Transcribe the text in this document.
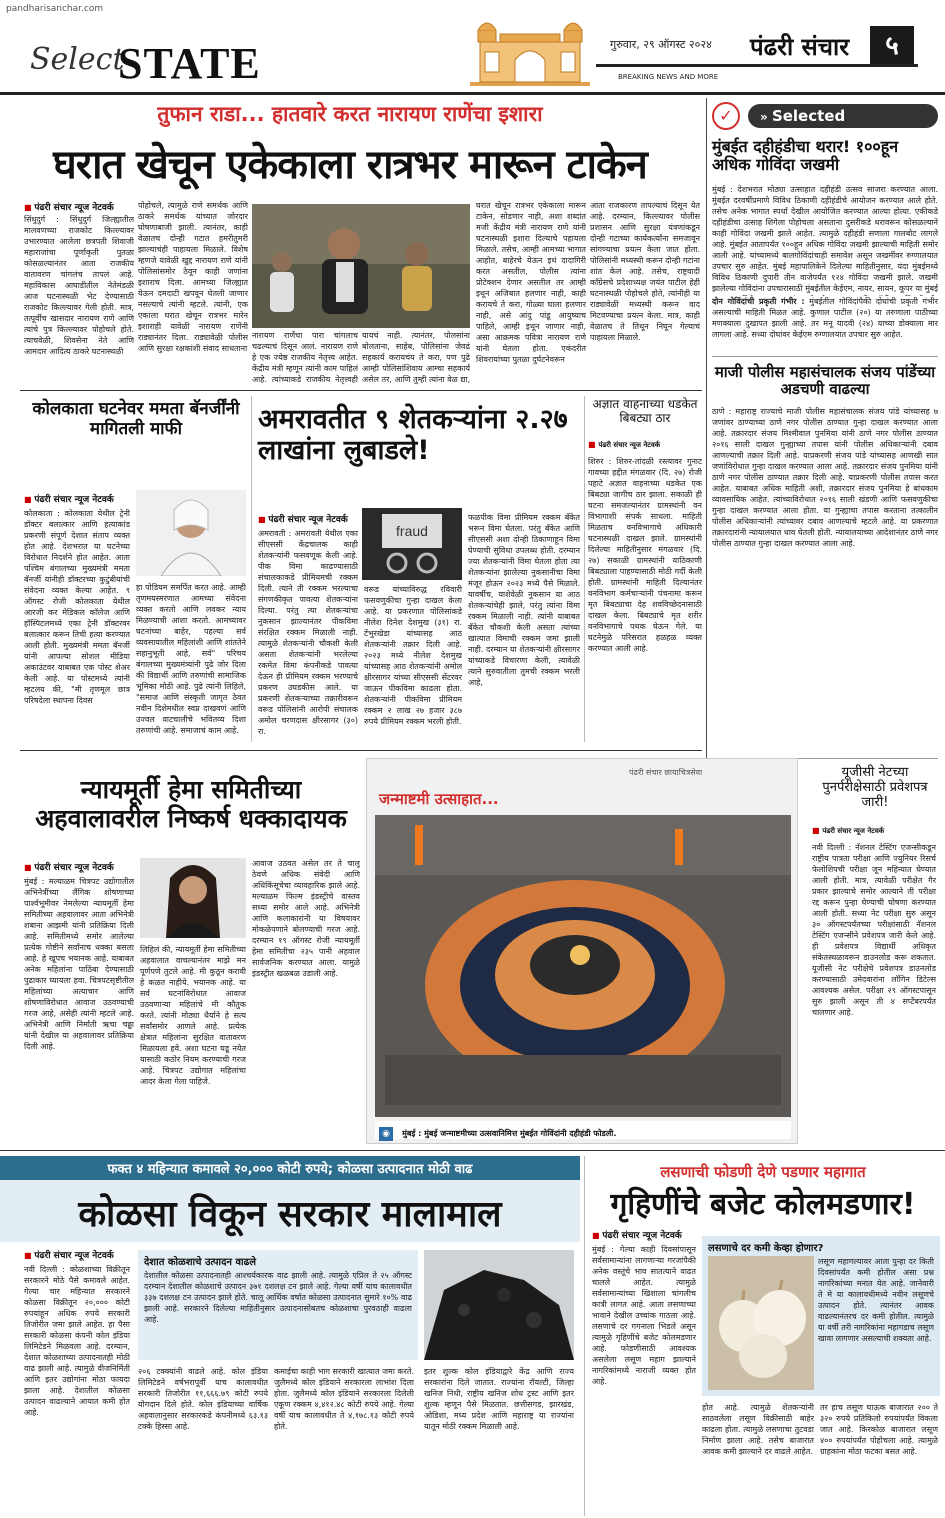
pandharisanchar.com
Select
STATE	गुरुवार, २९ ऑगस्ट २०२४ पंढरी संचार	५
BREAKING NEWS AND MORE
तुफान राडा... हातवारे करत नारायण राणेंचा इशारा
घरात खेचून एकेकाला रात्रभर मारून टाकेन
■ पंढरी संचार न्यूज नेटवर्क
सिंधुदुर्ग : सिंधुदुर्ग जिल्ह्यातील मालवणच्या राजकोट किल्ल्यावर उभारण्यात आलेला छत्रपती शिवाजी महाराजांचा पूर्णाकृती पुतळा कोसळल्यानंतर आता राजकीय वातावरण चांगलंच तापलं आहे. महाविकास आघाडीतील नेतेमंडळी आज घटनास्थळी भेट देण्यासाठी राजकोट किल्ल्यावर गेली होती. मात्र, तत्पूर्वीच खासदार नारायण राणे आणि त्यांचे पुत्र किल्ल्यावर पोहोचले होते. त्याचवेळी, शिवसेना नेते आणि आमदार आदित्य ठाकरे घटनास्थळी
पोहोचले, त्यामुळे राणे समर्थक आणि ठाकरे समर्थक यांच्यात जोरदार घोषणाबाजी झाली. त्यानंतर, काही वेळातच दोन्ही गटात हमरीतुमरी झाल्याचंही पाहायला मिळाले. विशेष म्हणजे यावेळी खुद्द नारायण राणे यांनी पोलिसांसमोर ठेवून काही जणांना इशाराच दिला. आमच्या जिल्ह्यात येऊन दमदाटी खपवून घेतली जाणार नसल्याचे त्यांनी म्हटले. त्यांनी, एक एकाला घरात खेचून रात्रभर मारेन इशाराही यावेळी नारायण राणेंनी राड्यानंतर दिला. राड्यावेळी पोलीस आणि सुरक्षा रक्षकांशी संवाद साधताना
नारायण राणेंचा पारा चांगलाच चढल्याचं दिसून आलं. नारायण राणे हे एक ज्येष्ठ राजकीय नेतृत्त्व आहेत. केंद्रीय मंत्री म्हणून त्यांनी काम पाहिलं आहे. त्यांच्याकडे राजकीय नेतृत्त्वही
यायचं नाही. त्यानंतर, पोलसांना बोलताना, साहेब, पोलिसांना जेवढं सहकार्य करायचंय ते करा, पण पुढे आम्ही पोलिसांशिवाय आम्चा सहकार्य असेल तर, आणि तुम्ही त्यांना वेळ द्या,
घरात खेचून रात्रभर एकेकाला मारून टाकेन, सोडणार नाही, अशा शब्दांत मजी केंद्रीय मंत्री नारायण राणे यांनी घटनास्थळी इशारा दिल्याचे पहायला मिळाले. तसेच, आम्ही आमच्या भागात आहोत, बाहेरचे येऊन इथं दादागिरी करत असतील, पोलीस त्यांना प्रोटेक्शन देणार असतील तर आम्ही इथून अजिबात हलणार नाही, काही करायचे ते करा, गोळ्या घाला हलणार नाही, असे आंदु पांडू आयुष्याच पाहिले, आम्ही इथून जाणार नाही, असा आक्रमक पवित्रा नारायण राणे यांनी घेतला होता. एकंदरीत शिवरायांच्या पुतळा दुर्घटनेवरून
आता राजकारण तापल्याचं दिसून येत आहे. दरम्यान, किल्ल्यावर पोलीस प्रशासन आणि सुरक्षा यंत्रणांकडून दोन्ही गटाच्या कार्यकर्त्यांना समजावून सांगण्याचा प्रयत्न केला जात होता. पोलिसांनी मध्यस्थी करून दोन्ही गटांना शांत केलं आहे. तसेच, राष्ट्रवादी काँग्रेसचे प्रदेशाध्यक्ष जयंत पाटील हेही घटनास्थळी पोहोचले होते, त्यांनीही या राड्यावेळी मध्यस्थी करून वाद मिटवण्याचा प्रयत्न केला. मात्र, काही वेळातच ते तिथून निघून गेल्याचं पाहायला मिळाले.
✓	» Selected
मुंबईत दहीहंडीचा थरार! १००हून अधिक गोविंदा जखमी
मुंबई : देशभरात मोठ्या उत्साहात दहीहंडी उत्सव साजरा करण्यात आला. मुंबईत दरवर्षीप्रमाणे विविध ठिकाणी दहीहंडीचे आयोजन करण्यात आले होते. तसेच अनेक भागात स्पर्धा देखील आयोजित करण्यात आल्या होत्या. एकीकडे दहीहंडीचा उत्साह शिगेला पोहोचला असताना दुसरीकडे थरावरून कोसळल्याने काही गोविंदा जखमी झाले आहेत. त्यामुळे दहीहंडी सणाला गालबोट लागले आहे. मुंबईत आतापर्यंत १००हून अधिक गोविंदा जखमी झाल्याची माहिती समोर आली आहे. यांच्यामध्ये बालगोविंदांचाही समावेश असून जखमींवर रुग्णालयात उपचार सुरु आहेत. मुंबई महापालिकेने दिलेल्या माहितीनुसार, यंदा मुंबईमध्ये विविध ठिकाणी दुपारी तीन वाजेपर्यंत १२४ गोविंदा जखमी झाले. जखमी झालेल्या गोविंदांना उपचारासाठी मुंबईतील केईएम, नायर, सायन, कूपर या मुंबई
दोन गोविंदांची प्रकृती गंभीर : मुंबईतील गोविंदांपैकी दोघांची प्रकृती गंभीर असल्याची माहिती मिळत आहे. कुणाल पाटील (२०) या तरुणाला पाठीच्या मणक्याला दुखापत झाली आहे. तर मनू यादवी (२४) याच्या डोक्याला मार लागला आहे. सध्या दोघांवर केईएम रुग्णालयात उपचार सुरु आहेत.
माजी पोलीस महासंचालक संजय पांडेंच्या अडचणी वाढल्या
ठाणे : महाराष्ट्र राज्याचे माजी पोलीस महासंचालक संजय पांडे यांच्यासह ७ जणांवर ठाण्याच्या ठाणे नगर पोलीस ठाण्यात गुन्हा दाखल करण्यात आला आहे. तक्रारदार संजय मिश्मीवाल पुनमिया यांनी ठाणे नगर पोलीस ठाण्यात २०१६ साली दाखल गुन्ह्याच्या तपास यांनी पोलीस अधिकाऱ्यांनी दबाव आणल्याची तक्रार दिली आहे. याप्रकरणी संजय पांडे यांच्यासह आणखी सात जणांविरोधात गुन्हा दाखल करण्यात आला आहे. तक्रारदार संजय पुनमिया यांनी ठाणे नगर पोलीस ठाण्यात तक्रार दिली आहे. याप्रकरणी पोलीस तपास करत आहेत. याबाबत अधिक माहिती अशी, तक्रारदार संजय पुनमिया हे बांधकाम व्यावसायिक आहेत. त्यांच्याविरोधात २०१६ साली खंडणी आणि फसवणुकीचा गुन्हा दाखल करण्यात आला होता. या गुन्ह्याचा तपास करताना तत्कालीन पोलीस अधिकाऱ्यांनी त्यांच्यावर दबाव आणल्याचे म्हटले आहे. या प्रकरणात तक्रारदारांनी न्यायालयात धाव घेतली होती. न्यायालयाच्या आदेशानंतर ठाणे नगर पोलीस ठाण्यात गुन्हा दाखल करण्यात आला आहे.
कोलकाता घटनेवर ममता बॅनर्जींनी मागितली माफी
■ पंढरी संचार न्यूज नेटवर्क
कोलकाता : कोलकाता येथील ट्रेनी डॉक्टर बलात्कार आणि हत्याकांड प्रकरणी संपूर्ण देशात संताप व्यक्त होत आहे. देशभरात या घटनेच्या विरोधात निदर्शने होत आहेत. आता पश्चिम बंगालच्या मुख्यमंत्री ममता बॅनर्जी यांनीही डॉक्टरच्या कुटुंबीयांची संवेदना व्यक्त केल्या आहेत. ९ ऑगस्ट रोजी कोलकाता येथील आरजी कर मेडिकल कॉलेज आणि हॉस्पिटलमध्ये एका ट्रेनी डॉक्टरवर बलात्कार करून तिची हत्या करण्यात आली होती. मुख्यमंत्री ममता बॅनर्जी यांनी आपल्या सोशल मीडिया अकाउंटवर याबाबत एक पोस्ट शेअर केली आहे. या पोस्टमध्ये त्यांनी म्हटलय की, "मी तृणमूल छात्र परिषदेला स्थापना दिवस
हा पोडियम समर्पित करत आहे. आम्ही तृणमयस्मरणात आमच्या संवेदना व्यक्त करतो आणि लवकर न्याय मिळण्याची आशा करतो. आमच्यावर घटनांच्या बाहेर, पहल्या सर्व व्यवसायातील महिलांशी आणि शांततेने सहानुभूती आहे, सर्व" परिचय बंगालच्या मुख्यमंत्र्यांनी पुढे जोर दिला की विद्यार्थी आणि तरुणांची सामाजिक भूमिका मोठी आहे. पुढे त्यांनी लिहिले, "समाज आणि संस्कृती जागृत ठेवत नवीन दिशेमधील स्वप्न दाखवणं आणि उज्वल वाटचालीचे भवितव्य दिशा तरुणांची आहे. समाजाचं काम आहे.
अमरावतीत ९ शेतकऱ्यांना २.२७ लाखांना लुबाडले!
fraud
■ पंढरी संचार न्यूज नेटवर्क
अमरावती : अमरावती येथील एका सीएससी केंद्रचालक काही शेतकऱ्यांनी फसवणूक केली आहे. पीक विमा काढण्यासाठी संचालकाकडे प्रीमियमची रक्कम दिली. त्याने ती रक्कम भरल्याचा संगणकीकृत पावत्या शेतकऱ्यांना दिल्या. परंतु त्या शेतकऱ्यांचा नुकसान झाल्यानंतर पीकविमा संरक्षित रक्कम मिळाली नाही. त्यामुळे शेतकऱ्यांनी चौकशी केली असता शेतकऱ्यांनी भरलेल्या रकमेत विमा कंपनीकडे पावत्या देऊन ही प्रीमियम रक्कम भरण्याचे प्रकरण उघडकीस आले. या प्रकरणी शेतकऱ्याच्या तक्रारीवरून वरूड पोलिसांनी आरोपी संचालक अमोल चरणदास क्षीरसागर (३०) रा.
वरूड यांच्याविरुद्ध रविवारी फसवणुकीचा गुन्हा दाखल केला आहे. या प्रकरणात पोलिसांकडे नीलेश दिनेश देशमुख (३१) रा. टेंभुरखेडा यांच्यासह आठ शेतकऱ्यांनी तक्रार दिली आहे. २०२३ मध्ये नीलेश देशमुख यांच्यासह आठ शेतकऱ्यांनी अमोल क्षीरसागर यांच्या सीएससी सेंटरवर जाऊन पीकविमा काढला होता. शेतकऱ्यांनी पीकविमा प्रीमियम रक्कम २ लाख २७ हजार ३८७ रुपये प्रीमियम रक्कम भरली होती.
फळपीक विमा प्रीमियम रक्कम बँकेत भरून विमा घेतला. परंतु बँकेत आणि सीएससी अशा दोन्ही ठिकाणाहून विमा घेण्याची सुविधा उपलब्ध होती. दरम्यान ज्या शेतकऱ्यांनी विमा घेतला होता त्या शेतकऱ्यांना झालेल्या नुकसानीचा विमा मंजूर होऊन २०२३ मध्ये पैसे मिळाले. यावर्षीच, याशेवेळी नुकसान या आठ शेतकऱ्यांचेही झाले, परंतु त्यांना विमा रक्कम मिळाली नाही. त्यांनी याबाबत बँकेत चौकशी केली असता त्यांच्या खात्यात विमाची रक्कम जमा झाली नाही. दरम्यान या शेतकऱ्यांनी क्षीरसागर यांच्याकडे विचारणा केली, त्यावेळी त्याने सुरुवातीला तुमची रक्कम भरली आहे,
अज्ञात वाहनाच्या धडकेत बिबट्या ठार
■ पंढरी संचार न्यूज नेटवर्क
शिरुर : शिरुर-तांदळी रस्त्यावर गुनाट गावच्या हद्दीत मंगळवार (दि. २७) रोजी पहाटे अज्ञात वाहनाच्या धडकेत एक बिबट्या जागीच ठार झाला. सकाळी ही घटना समजल्यानंतर ग्रामस्थांनी वन विभागाशी संपर्क साधला. माहिती मिळताच वनविभागाचे अधिकारी घटनास्थळी दाखल झाले. ग्रामस्थांनी दिलेल्या माहितीनुसार मंगळवार (दि. २७) सकाळी ग्रामस्थांनी याठिकाणी बिबट्याला पाहण्यासाठी मोठी गर्दी केली होती. ग्रामस्थांनी माहिती दिल्यानंतर वनविभाग कर्मचाऱ्यांनी पंचनामा करून मृत बिबट्याचा देह शवविच्छेदनासाठी दाखल केला. बिबट्याचे मृत शरीर वनविभागाचे पथक घेऊन गेले. या घटनेमुळे परिसरात हळहळ व्यक्त करण्यात आली आहे.
न्यायमूर्ती हेमा समितीच्या अहवालावरील निष्कर्ष धक्कादायक
■ पंढरी संचार न्यूज नेटवर्क
मुंबई : मल्याळम चित्रपट उद्योगातील अभिनेत्रींच्या लैंगिक शोषणाच्या पार्श्वभूमीवर नेमलेल्या न्यायमूर्ती हेमा समितीच्या अहवालावर आता अभिनेत्री शबाना आझमी यांनी प्रतिक्रिया दिली आहे. समितीमध्ये समोर आलेल्या प्रत्येक गोष्टीने सर्वांनाच धक्का बसला आहे. हे खूपच भयानक आहे. याबाबत अनेक महिलांना पाठिंबा देण्यासाठी पुढाकार घ्यायला हवा. चित्रपटसृष्टीतील महिलांच्या अत्याचार आणि शोषणाविरोधात आवाज उठवण्याची गरज आहे, असेही त्यांनी म्हटले आहे. अभिनेत्री आणि निर्माती ऋचा चढ्ढा यांनी देखील या अहवालावर प्रतिक्रिया दिली आहे.
लिहिलं की, न्यायमूर्ती हेमा समितीच्या अहवालात वाचल्यानंतर माझे मन पूर्णपणे तुटले आहे. मी कुठून करावी हे कळत नाहीये. भयानक आहे. या सर्व घटनांविरोधात आवाज उठवणाऱ्या महिलांचे मी कौतुक करते. त्यांनी मोठ्या धैर्याने हे सत्य सर्वांसमोर आणले आहे. प्रत्येक क्षेत्रात महिलांना सुरक्षित वातावरण मिळायला हवे. अशा घटना घडू नयेत यासाठी कठोर नियम करण्याची गरज आहे. चित्रपट उद्योगात महिलांचा आदर केला गेला पाहिजे.
आवाज उठवत असेल तर ते चालू ठेवणे अधिक संवेदी आणि अधिकिंसूचेचा व्यावहारिक झाले आहे. मल्याळम फिल्म इंडस्ट्रीचे वास्तव सध्या समोर आले आहे. अभिनेत्री आणि कलाकारांनी या विषयावर मोकळेपणाने बोलण्याची गरज आहे. दरम्यान १९ ऑगस्ट रोजी न्यायमूर्ती हेमा समितीचा २३५ पानी अहवाल सार्वजनिक करण्यात आला. यामुळे इंडस्ट्रीत खळबळ उडाली आहे.
जन्माष्टमी उत्साहात...
पंढरी संचार छायाचित्रसेवा
◉ मुंबई : मुंबई जन्माष्टमीच्या उत्सवानिमित्त मुंबईत गोविंदांनी दहीहंडी फोडली.
यूजीसी नेटच्या पुनर्परीक्षेसाठी प्रवेशपत्र जारी!
■ पंढरी संचार न्यूज नेटवर्क
नवी दिल्ली : नॅशनल टेस्टिंग एजन्सीकडून राष्ट्रीय पात्रता परीक्षा आणि ज्युनियर रिसर्च फेलोशिपची परीक्षा जून महिन्यात घेण्यात आली होती. मात्र, त्यावेळी परीक्षेत गैर प्रकार झाल्याचे समोर आल्याने ती परीक्षा रद्द करून पुन्हा घेण्याची घोषणा करण्यात आली होती. सध्या नेट परीक्षा सुरु असून ३० ऑगस्टपर्यंतच्या परीक्षांसाठी नॅशनल टेस्टिंग एजन्सीने प्रवेशपत्र जारी केले आहे. ही प्रवेशपत्र विद्यार्थी अधिकृत संकेतस्थळावरून डाउनलोड करू शकतात. यूजीसी नेट परीक्षेचे प्रवेशपत्र डाउनलोड करण्यासाठी उमेदवारांना लॉगिन डिटेल्स आवश्यक असेल. परीक्षा २९ ऑगस्टपासून सुरु झाली असून ती ४ सप्टेंबरपर्यंत चालणार आहे.
फक्त ४ महिन्यात कमावले २०,००० कोटी रुपये; कोळसा उत्पादनात मोठी वाढ
कोळसा विकून सरकार मालामाल
■ पंढरी संचार न्यूज नेटवर्क
नवी दिल्ली : कोळशाच्या विक्रीतून सरकारने मोठे पैसे कमावले आहेत. गेल्या चार महिन्यात सरकारने कोळसा विक्रीतून २०,००० कोटी रुपयांहून अधिक रुपये सरकारी तिजोरीत जमा झाले आहेत. हा पैसा सरकारी कोळसा कंपनी कोल इंडिया लिमिटेडने मिळवला आहे. दरम्यान, देशात कोळशाच्या उत्पादनातही मोठी वाढ झाली आहे. त्यामुळे वीजनिर्मिती आणि इतर उद्योगांना मोठा फायदा झाला आहे. देशातील कोळसा उत्पादन वाढल्याने आयात कमी होत आहे.
देशात कोळशाचे उत्पादन वाढले
देशातील कोळसा उत्पादनातही आश्चर्यकारक वाढ झाली आहे. त्यामुळे एप्रिल ते २५ ऑगस्ट दरम्यान देशातील कोळशाचे उत्पादन ३७१ दशलक्ष टन झाले आहे. गेल्या वर्षी याच कालावधीत ३३७ दशलक्ष टन उत्पादन झाले होते. चालू आर्थिक वर्षात कोळसा उत्पादनात सुमारे १०% वाढ झाली आहे. सरकारने दिलेल्या माहितीनुसार उत्पादनासोबतच कोळशाचा पुरवठाही वाढला आहे.
२०६ टक्क्यांनी वाढले आहे. कोल इंडिया लिमिटेडने वर्षभरापूर्वी याच कालावधीत सरकारी तिजोरीत ११,६६६.७९ कोटी रुपये योगदान दिले होते. कोल इंडियाच्या वार्षिक अहवालानुसार सरकारकडे कंपनीमध्ये ६३.१३ टक्के हिस्सा आहे.
कमाईचा काही भाग सरकारी खात्यात जमा करते. जुलैमध्ये कोल इंडियाने सरकारला लाभांश दिला होता. जुलैमध्ये कोल इंडियाने सरकारला दिलेली एकूण रक्कम ४,४१२.४८ कोटी रुपये आहे. गेल्या वर्षी याच कालावधीत ते ४,१७८.१३ कोटी रुपये होते.
इतर शुल्क कोल इंडियाद्वारे केंद्र आणि राज्य सरकारांना दिले जातात. राज्यांना रॉयल्टी, जिल्हा खनिज निधी, राष्ट्रीय खनिज शोध ट्रस्ट आणि इतर शुल्क म्हणून पैसे मिळतात. छत्तीसगड, झारखंड, ओडिशा, मध्य प्रदेश आणि महाराष्ट्र या राज्यांना यातून मोठी रक्कम मिळाली आहे.
लसणाची फोडणी देणे पडणार महागात
गृहिणींचे बजेट कोलमडणार!
■ पंढरी संचार न्यूज नेटवर्क
मुंबई : गेल्या काही दिवसांपासून सर्वसामान्यांना लागणाऱ्या गरजांपैकी अनेक वस्तूंचे भाव सातत्याने वाढत चालले आहेत. त्यामुळे सर्वसामान्यांच्या खिशाला चांगलीच कात्री लागत आहे. आता लसणाच्या भावाने देखील उच्चांक गाठला आहे. लसणाचे दर गगनाला भिडले असून त्यामुळे गृहिणींचे बजेट कोलमडणार आहे. फोडणीसाठी आवश्यक असलेला लसूण महाग झाल्याने नागरिकांमध्ये नाराजी व्यक्त होत आहे.
लसणाचे दर कमी केव्हा होणार?
लसूण महागल्यावर आता पुन्हा दर किती दिवसांपर्यंत कमी होतील असा प्रश्न नागरिकांच्या मनात येत आहे. जानेवारी ते मे या कालावधीमध्ये नवीन लसूणचे उत्पादन होते. त्यानंतर आवक वाढल्यानंतरच दर कमी होतील. त्यामुळे या वर्षी तरी नागरिकांना महागडाच लसूण खावा लागणार असल्याची शक्यता आहे.
होत आहे. त्यामुळे शेतकऱ्यांनी साठवलेला लसूण विक्रीसाठी बाहेर काढला होता. त्यामुळे लसणाचा तुटवडा निर्माण झाला आहे. तसेच बाजारात आवक कमी झाल्याने दर वाढले आहेत.
तर हाच लसूण घाऊक बाजारात २०० ते ३२० रुपये प्रतिकिलो रुपयांपर्यंत विकला जात आहे. किरकोळ बाजारात लसूण ४०० रुपयांपर्यंत पोहोचला आहे. त्यामुळे ग्राहकांना मोठा फटका बसत आहे.
